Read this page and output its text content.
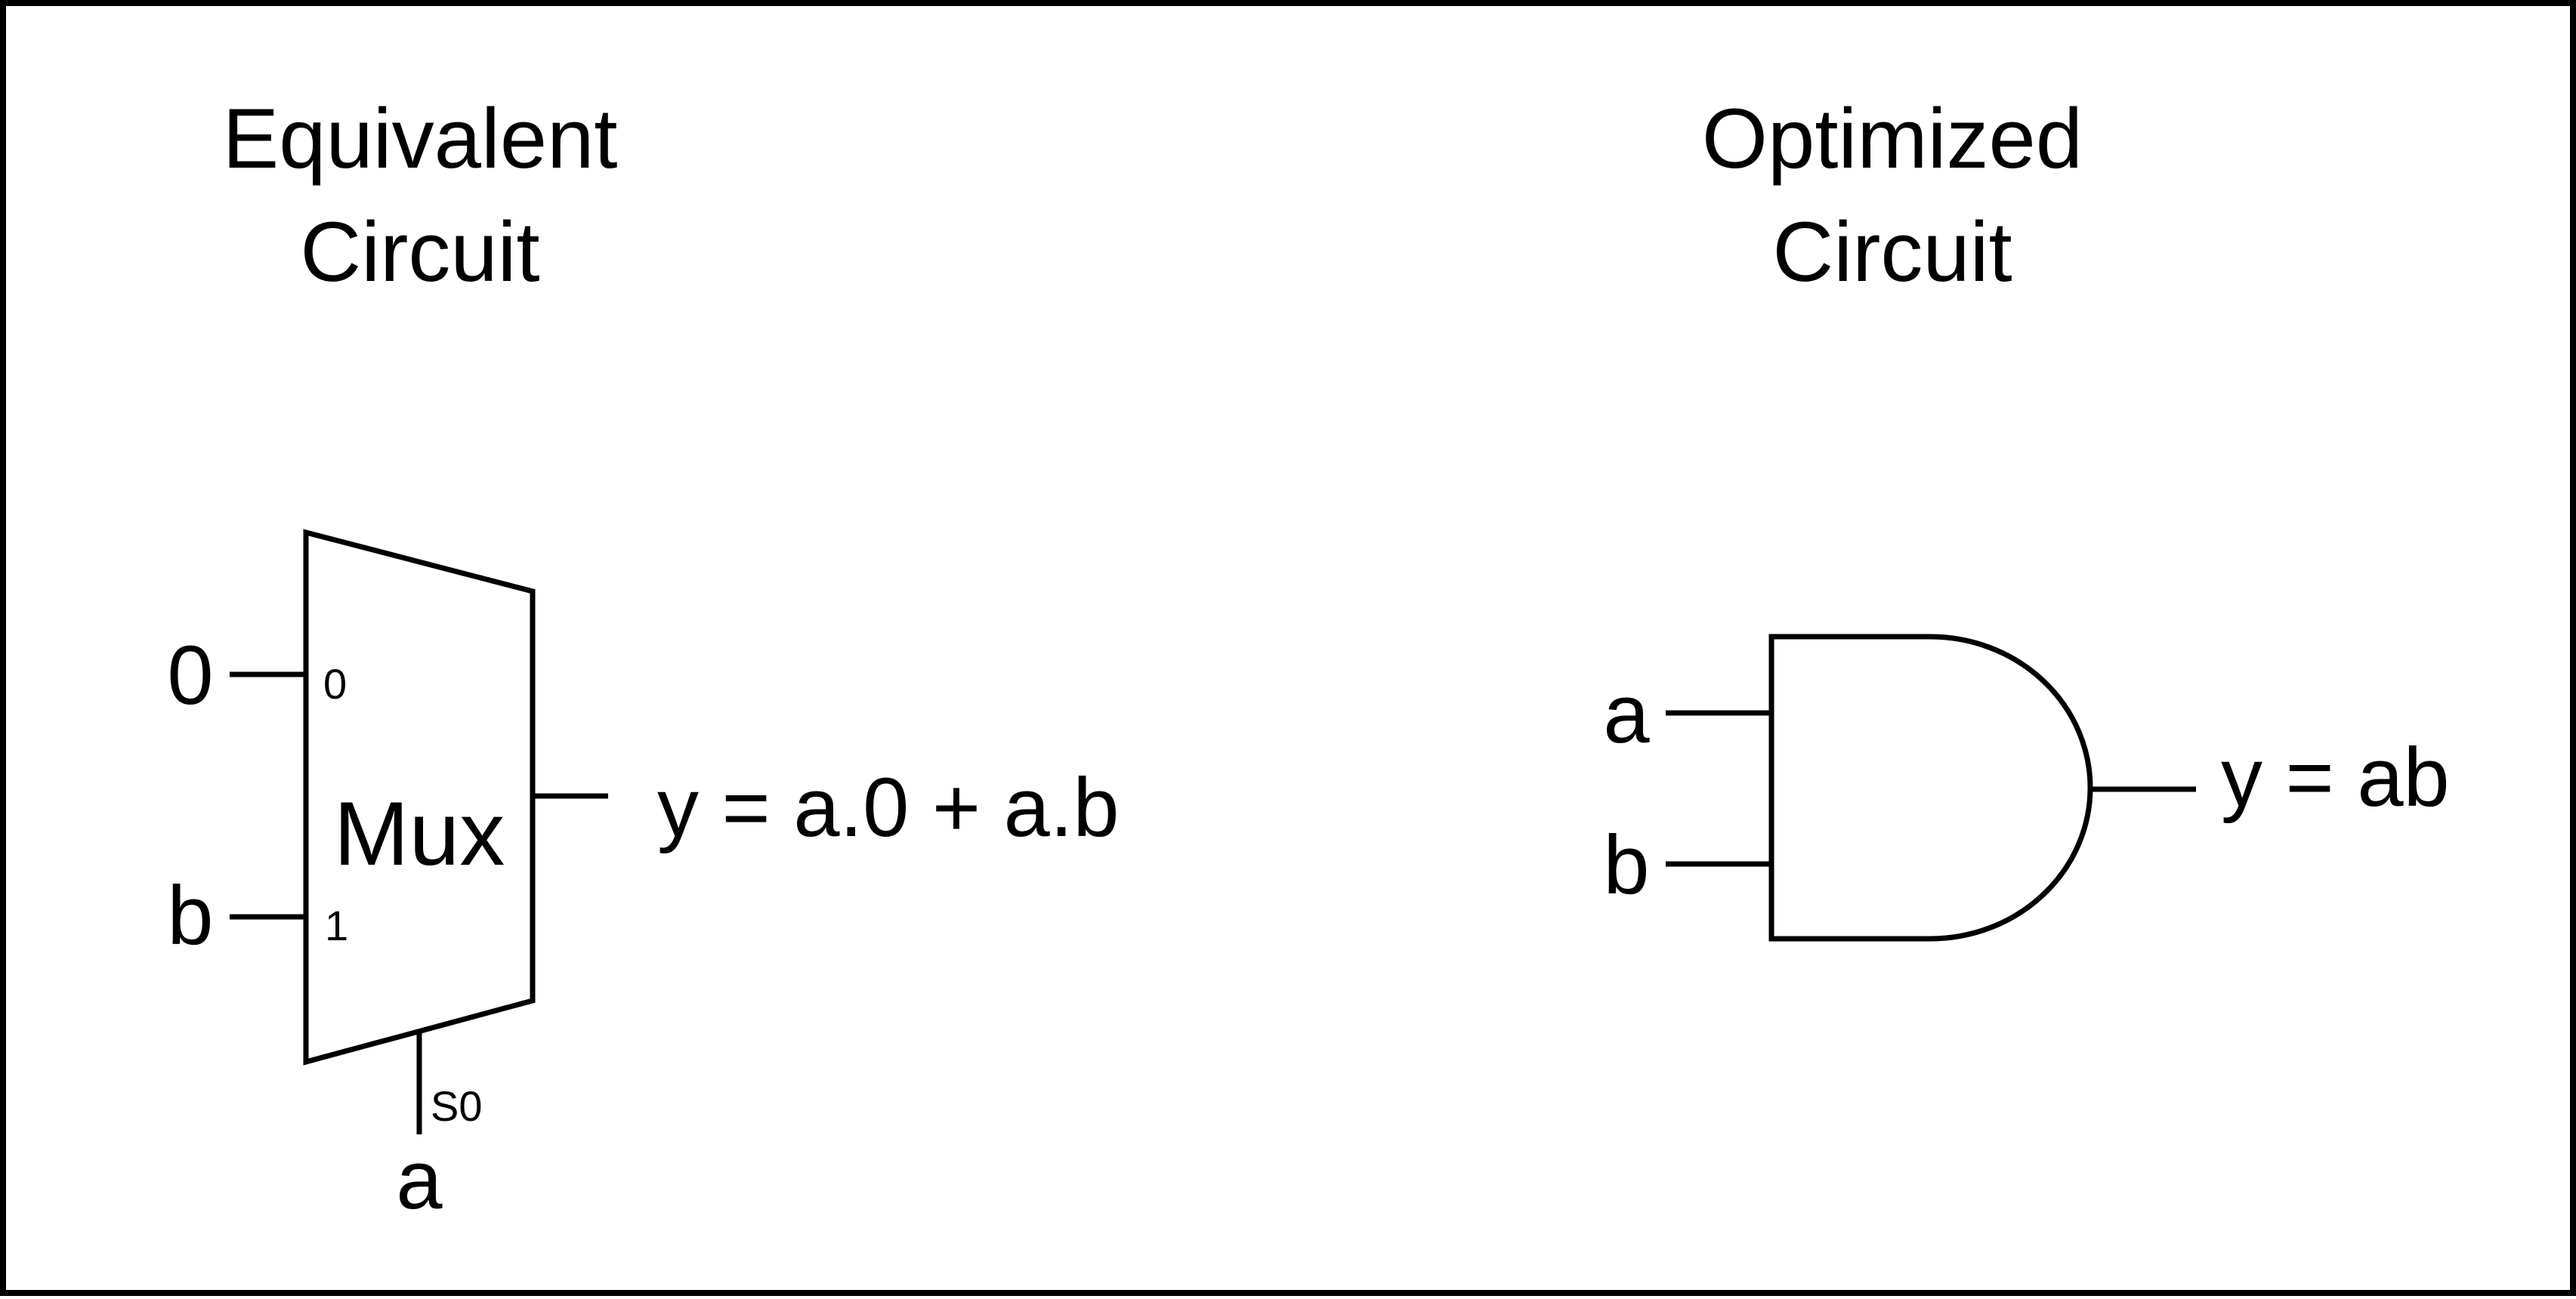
Equivalent
Circuit
Mux
0	0
b	1
S0
a
y = a.0 + a.b
Optimized
Circuit
a
b
y = ab
